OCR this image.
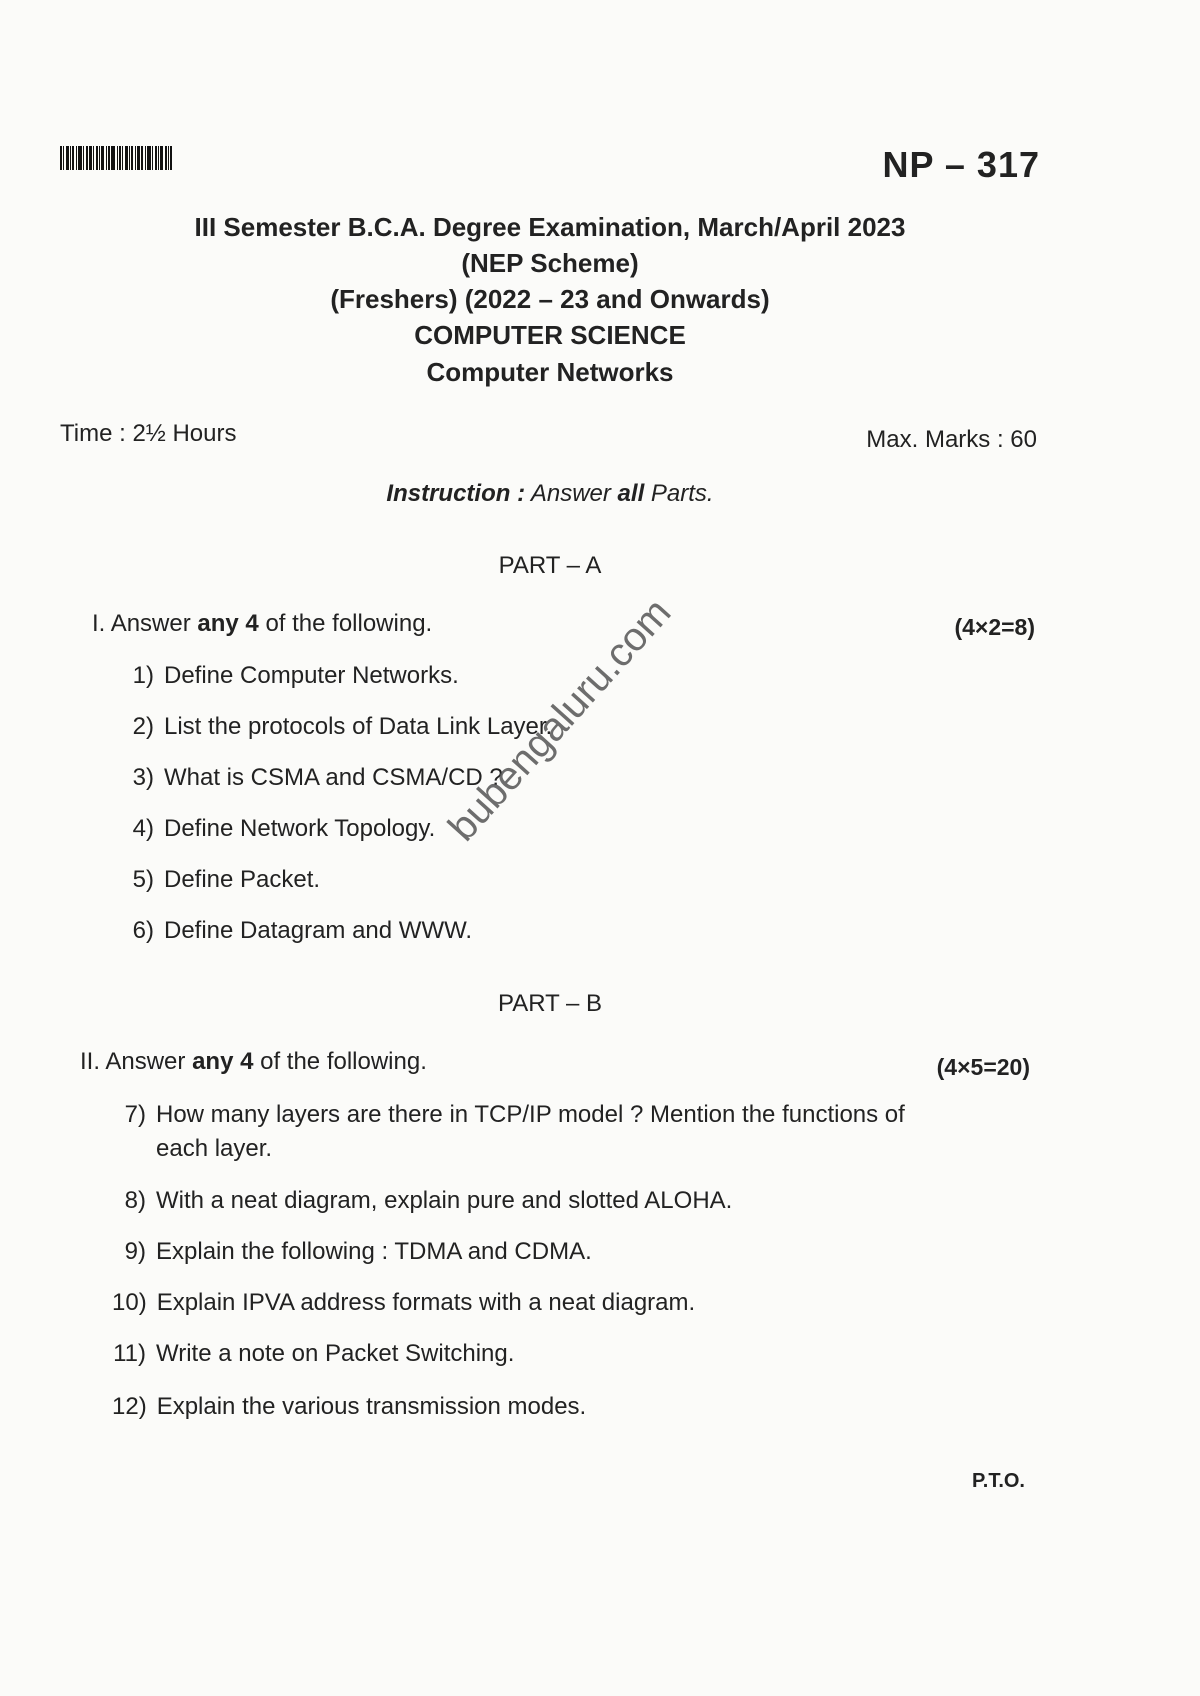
NP – 317
III Semester B.C.A. Degree Examination, March/April 2023
(NEP Scheme)
(Freshers) (2022 – 23 and Onwards)
COMPUTER SCIENCE
Computer Networks
Time : 2½ Hours	Max. Marks : 60
Instruction : Answer all Parts.
PART – A
I. Answer any 4 of the following.	(4×2=8)
1) Define Computer Networks.
2) List the protocols of Data Link Layer.
3) What is CSMA and CSMA/CD ?
4) Define Network Topology.
5) Define Packet.
6) Define Datagram and WWW.
bubengaluru.com
PART – B
II. Answer any 4 of the following.	(4×5=20)
7) How many layers are there in TCP/IP model ? Mention the functions of
each layer.
8) With a neat diagram, explain pure and slotted ALOHA.
9) Explain the following : TDMA and CDMA.
10) Explain IPVA address formats with a neat diagram.
11) Write a note on Packet Switching.
12) Explain the various transmission modes.
P.T.O.
